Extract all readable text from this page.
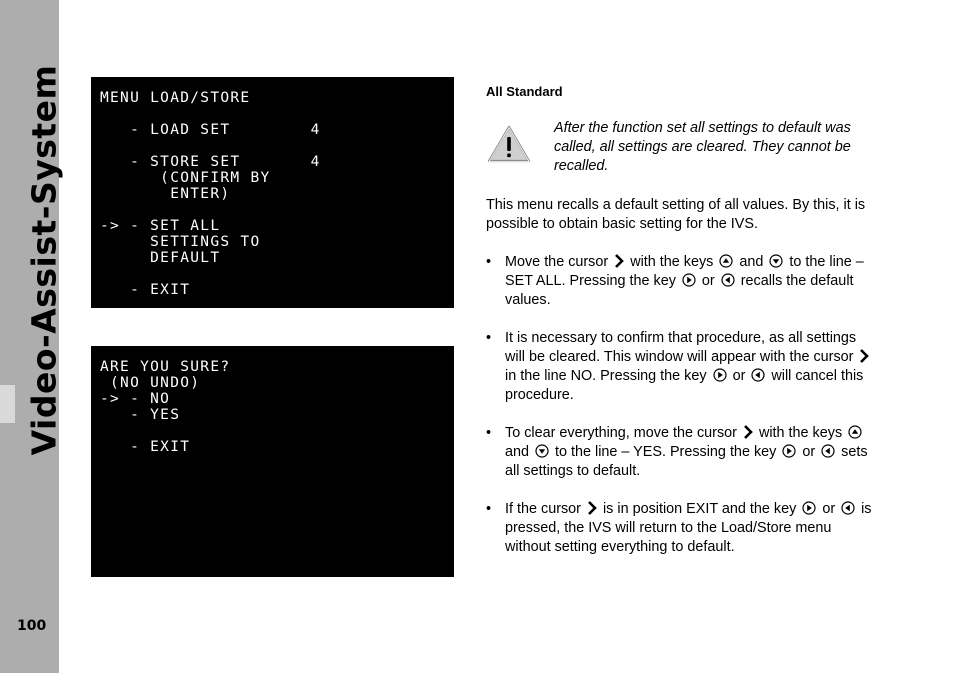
Video-Assist-System
100
MENU LOAD/STORE

- LOAD SET        4

- STORE SET       4
(CONFIRM BY
ENTER)

-> - SET ALL
SETTINGS TO
DEFAULT

- EXIT
ARE YOU SURE?
(NO UNDO)
-> - NO
- YES

- EXIT
All Standard
After the function set all settings to default was called, all settings are cleared. They cannot be recalled.
This menu recalls a default setting of all values. By this, it is possible to obtain basic setting for the IVS.
• Move the cursor with the keys and to the line – SET ALL. Pressing the key or recalls the default values.
• It is necessary to confirm that procedure, as all settings will be cleared. This window will appear with the cursor  in the line NO. Pressing the key or will cancel this procedure.
• To clear everything, move the cursor with the keys  and to the line – YES. Pressing the key or sets all settings to default.
• If the cursor is in position EXIT and the key or is pressed, the IVS will return to the Load/Store menu without setting everything to default.
